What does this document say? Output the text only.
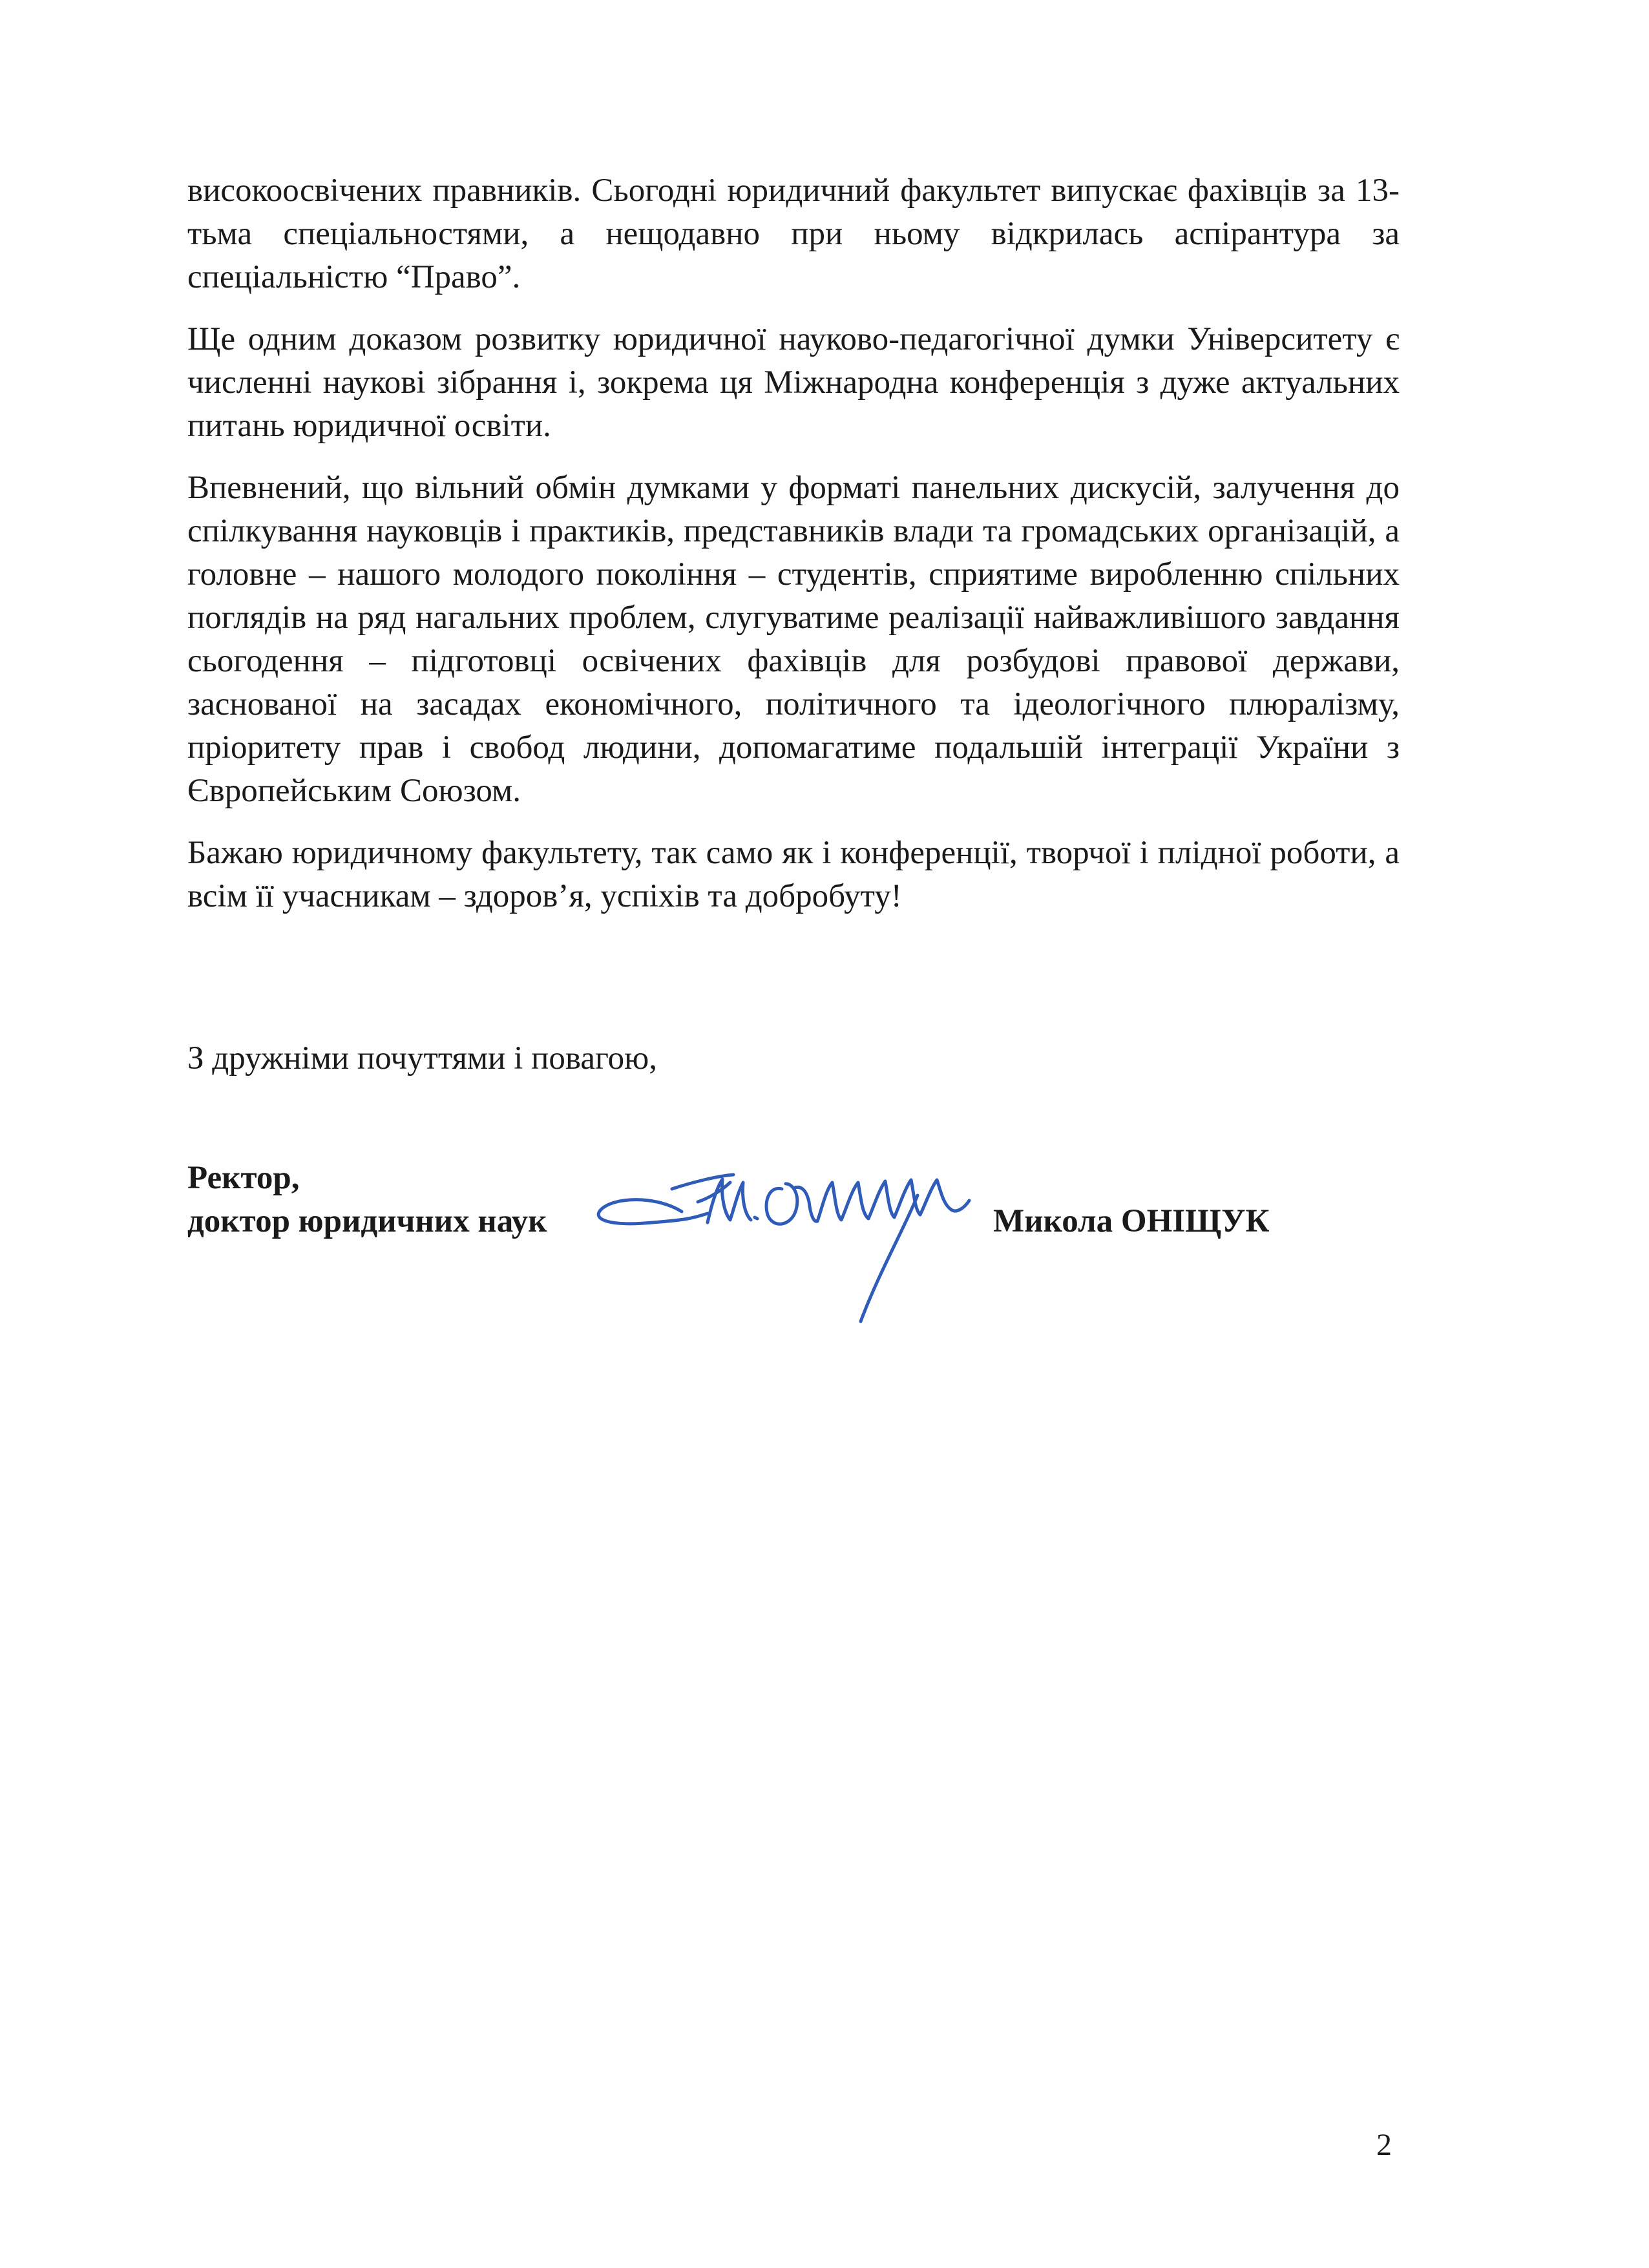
високоосвічених правників. Сьогодні юридичний факультет випускає фахівців за 13-тьма спеціальностями, а нещодавно при ньому відкрилась аспірантура за спеціальністю “Право”.

Ще одним доказом розвитку юридичної науково-педагогічної думки Університету є численні наукові зібрання і, зокрема ця Міжнародна конференція з дуже актуальних питань юридичної освіти.

Впевнений, що вільний обмін думками у форматі панельних дискусій, залучення до спілкування науковців і практиків, представників влади та громадських організацій, а головне – нашого молодого покоління – студентів, сприятиме виробленню спільних поглядів на ряд нагальних проблем, слугуватиме реалізації найважливішого завдання сьогодення – підготовці освічених фахівців для розбудові правової держави, заснованої на засадах економічного, політичного та ідеологічного плюралізму, пріоритету прав і свобод людини, допомагатиме подальшій інтеграції України з Європейським Союзом.

Бажаю юридичному факультету, так само як і конференції, творчої і плідної роботи, а всім її учасникам – здоров’я, успіхів та добробуту!

З дружніми почуттями і повагою,

Ректор,
доктор юридичних наук	Микола ОНІЩУК
2
